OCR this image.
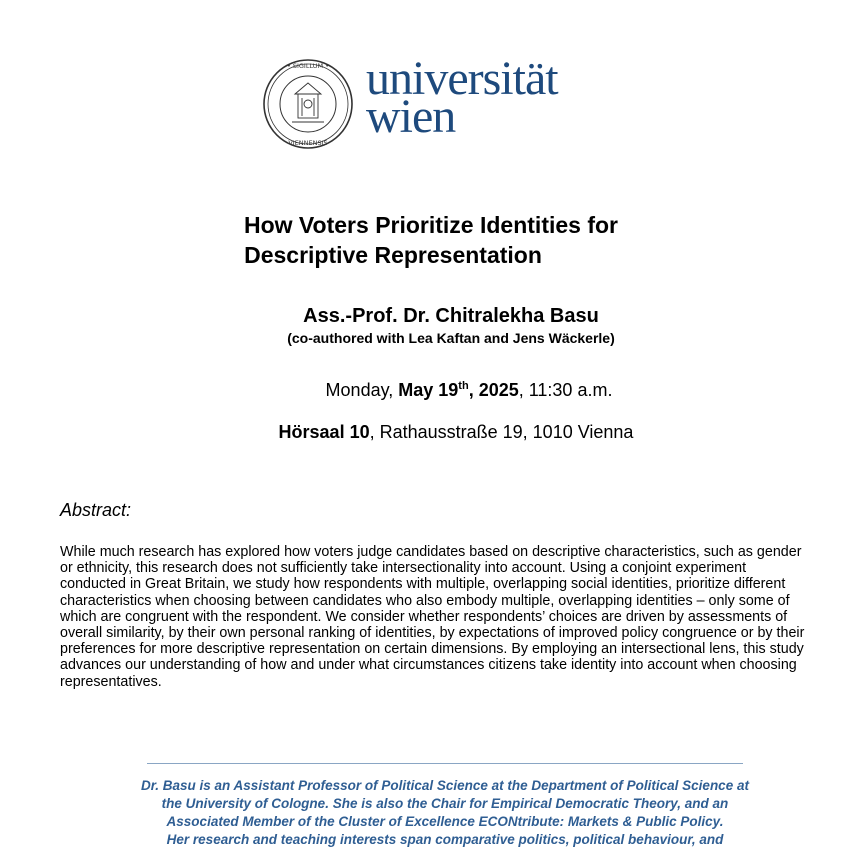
• SIGILLUM •
VIENNENSIS
universität
wien
How Voters Prioritize Identities for
Descriptive Representation
Ass.-Prof. Dr. Chitralekha Basu
(co-authored with Lea Kaftan and Jens Wäckerle)
Monday, May 19th, 2025, 11:30 a.m.
Hörsaal 10, Rathausstraße 19, 1010 Vienna
Abstract:
While much research has explored how voters judge candidates based on descriptive characteristics, such as gender or ethnicity, this research does not sufficiently take intersectionality into account. Using a conjoint experiment conducted in Great Britain, we study how respondents with multiple, overlapping social identities, prioritize different characteristics when choosing between candidates who also embody multiple, overlapping identities – only some of which are congruent with the respondent. We consider whether respondents’ choices are driven by assessments of overall similarity, by their own personal ranking of identities, by expectations of improved policy congruence or by their preferences for more descriptive representation on certain dimensions. By employing an intersectional lens, this study advances our understanding of how and under what circumstances citizens take identity into account when choosing representatives.
Dr. Basu is an Assistant Professor of Political Science at the Department of Political Science at the University of Cologne. She is also the Chair for Empirical Democratic Theory, and an Associated Member of the Cluster of Excellence ECONtribute: Markets & Public Policy.
Her research and teaching interests span comparative politics, political behaviour, and
